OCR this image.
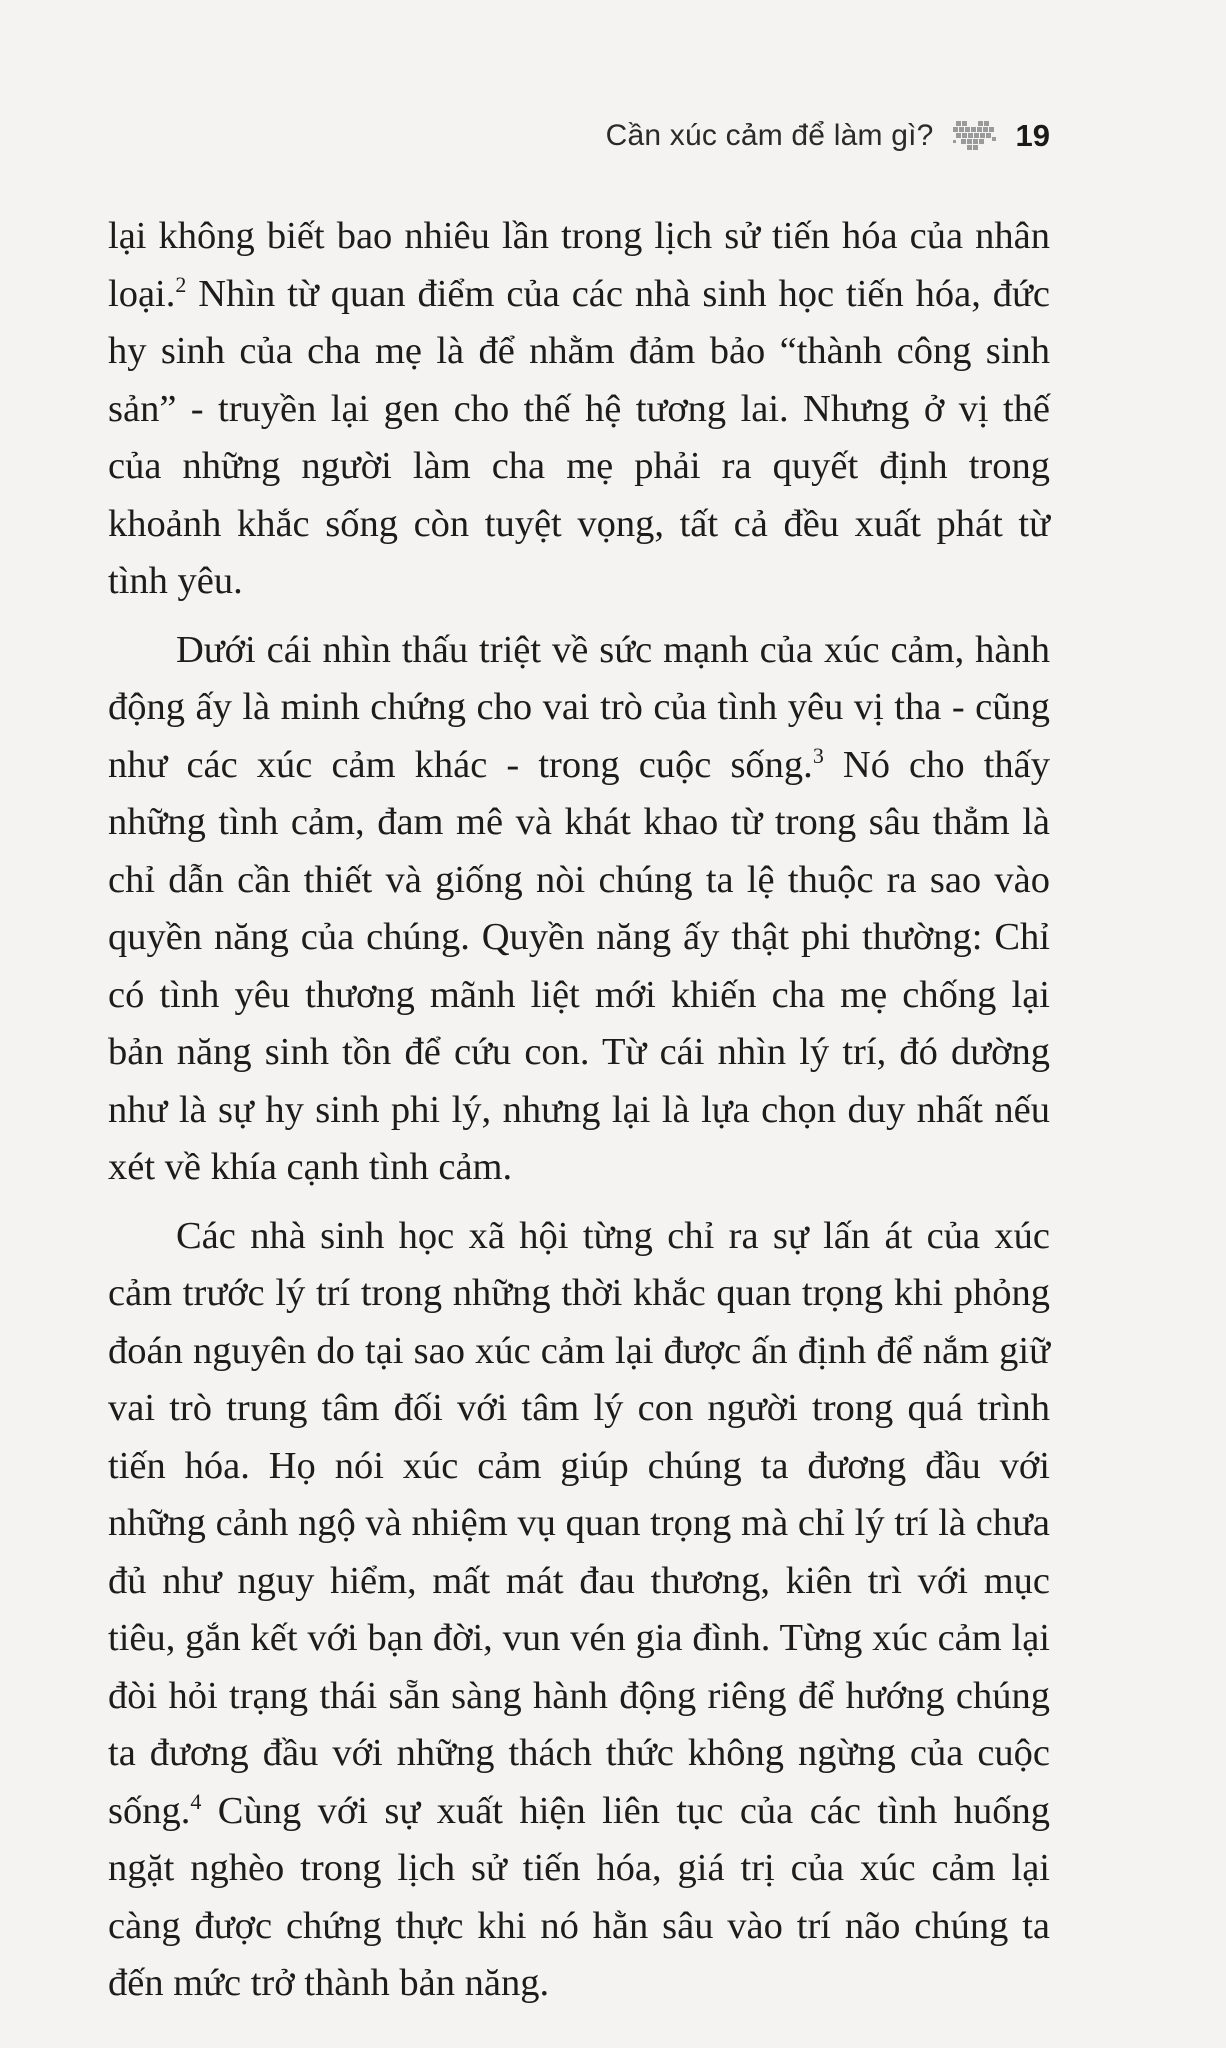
Cần xúc cảm để làm gì?	19

lại không biết bao nhiêu lần trong lịch sử tiến hóa của nhân loại.$^2$ Nhìn từ quan điểm của các nhà sinh học tiến hóa, đức hy sinh của cha mẹ là để nhằm đảm bảo “thành công sinh sản” - truyền lại gen cho thế hệ tương lai. Nhưng ở vị thế của những người làm cha mẹ phải ra quyết định trong khoảnh khắc sống còn tuyệt vọng, tất cả đều xuất phát từ tình yêu.

Dưới cái nhìn thấu triệt về sức mạnh của xúc cảm, hành động ấy là minh chứng cho vai trò của tình yêu vị tha - cũng như các xúc cảm khác - trong cuộc sống.$^3$ Nó cho thấy những tình cảm, đam mê và khát khao từ trong sâu thẳm là chỉ dẫn cần thiết và giống nòi chúng ta lệ thuộc ra sao vào quyền năng của chúng. Quyền năng ấy thật phi thường: Chỉ có tình yêu thương mãnh liệt mới khiến cha mẹ chống lại bản năng sinh tồn để cứu con. Từ cái nhìn lý trí, đó dường như là sự hy sinh phi lý, nhưng lại là lựa chọn duy nhất nếu xét về khía cạnh tình cảm.

Các nhà sinh học xã hội từng chỉ ra sự lấn át của xúc cảm trước lý trí trong những thời khắc quan trọng khi phỏng đoán nguyên do tại sao xúc cảm lại được ấn định để nắm giữ vai trò trung tâm đối với tâm lý con người trong quá trình tiến hóa. Họ nói xúc cảm giúp chúng ta đương đầu với những cảnh ngộ và nhiệm vụ quan trọng mà chỉ lý trí là chưa đủ như nguy hiểm, mất mát đau thương, kiên trì với mục tiêu, gắn kết với bạn đời, vun vén gia đình. Từng xúc cảm lại đòi hỏi trạng thái sẵn sàng hành động riêng để hướng chúng ta đương đầu với những thách thức không ngừng của cuộc sống.$^4$ Cùng với sự xuất hiện liên tục của các tình huống ngặt nghèo trong lịch sử tiến hóa, giá trị của xúc cảm lại càng được chứng thực khi nó hằn sâu vào trí não chúng ta đến mức trở thành bản năng.
